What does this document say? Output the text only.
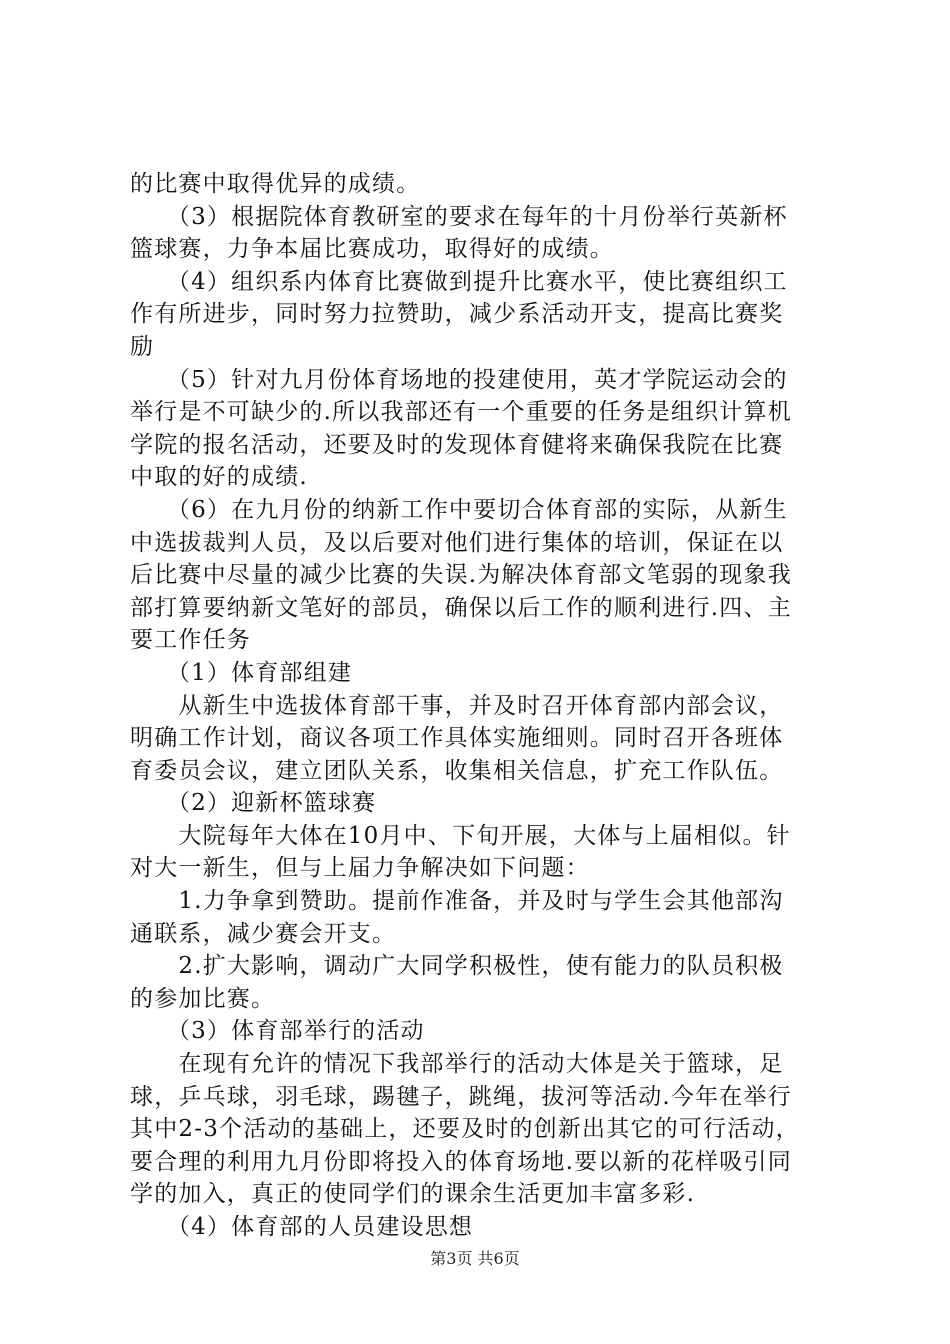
的比赛中取得优异的成绩。
　　（3）根据院体育教研室的要求在每年的十月份举行英新杯
篮球赛，力争本届比赛成功，取得好的成绩。
　　（4）组织系内体育比赛做到提升比赛水平，使比赛组织工
作有所进步，同时努力拉赞助，减少系活动开支，提高比赛奖
励
　　（5）针对九月份体育场地的投建使用，英才学院运动会的
举行是不可缺少的.所以我部还有一个重要的任务是组织计算机
学院的报名活动，还要及时的发现体育健将来确保我院在比赛
中取的好的成绩.
　　（6）在九月份的纳新工作中要切合体育部的实际，从新生
中选拔裁判人员，及以后要对他们进行集体的培训，保证在以
后比赛中尽量的减少比赛的失误.为解决体育部文笔弱的现象我
部打算要纳新文笔好的部员，确保以后工作的顺利进行.四、主
要工作任务
　　（1）体育部组建
　　从新生中选拔体育部干事，并及时召开体育部内部会议，
明确工作计划，商议各项工作具体实施细则。同时召开各班体
育委员会议，建立团队关系，收集相关信息，扩充工作队伍。
　　（2）迎新杯篮球赛
　　大院每年大体在10月中、下旬开展，大体与上届相似。针
对大一新生，但与上届力争解决如下问题：
　　1.力争拿到赞助。提前作准备，并及时与学生会其他部沟
通联系，减少赛会开支。
　　2.扩大影响，调动广大同学积极性，使有能力的队员积极
的参加比赛。
　　（3）体育部举行的活动
　　在现有允许的情况下我部举行的活动大体是关于篮球，足
球，乒乓球，羽毛球，踢毽子，跳绳，拔河等活动.今年在举行
其中2-3个活动的基础上，还要及时的创新出其它的可行活动，
要合理的利用九月份即将投入的体育场地.要以新的花样吸引同
学的加入，真正的使同学们的课余生活更加丰富多彩.
　　（4）体育部的人员建设思想
第3页 共6页
